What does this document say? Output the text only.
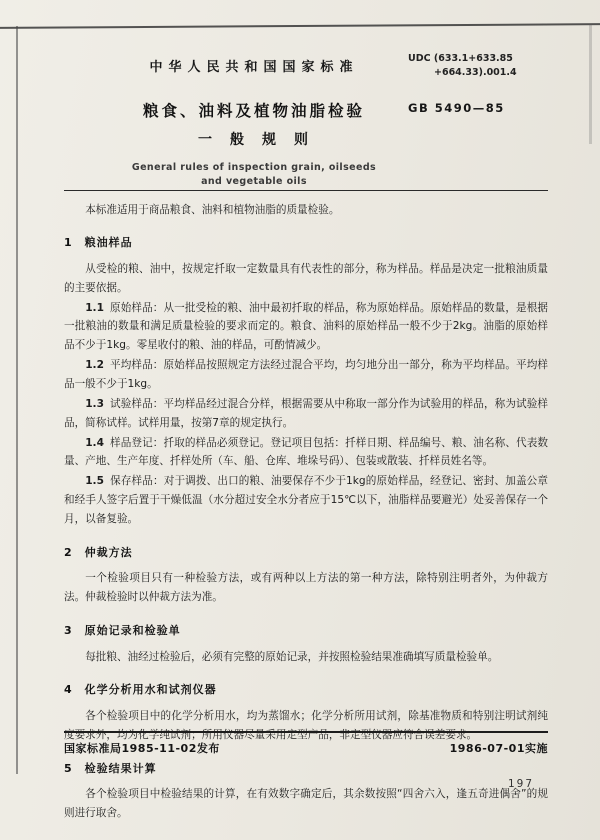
中华人民共和国国家标准
粮食、油料及植物油脂检验
一　般　规　则
General rules of inspection grain, oilseeds
and vegetable oils
UDC (633.1+633.85
+664.33).001.4
GB 5490—85

本标准适用于商品粮食、油料和植物油脂的质量检验。

1　粮油样品

从受检的粮、油中，按规定扦取一定数量具有代表性的部分，称为样品。样品是决定一批粮油质量的主要依据。

1.1 原始样品：从一批受检的粮、油中最初扦取的样品，称为原始样品。原始样品的数量，是根据一批粮油的数量和满足质量检验的要求而定的。粮食、油料的原始样品一般不少于2kg。油脂的原始样品不少于1kg。零星收付的粮、油的样品，可酌情减少。

1.2 平均样品：原始样品按照规定方法经过混合平均，均匀地分出一部分，称为平均样品。平均样品一般不少于1kg。

1.3 试验样品：平均样品经过混合分样，根据需要从中称取一部分作为试验用的样品，称为试验样品，简称试样。试样用量，按第7章的规定执行。

1.4 样品登记：扦取的样品必须登记。登记项目包括：扦样日期、样品编号、粮、油名称、代表数量、产地、生产年度、扦样处所（车、船、仓库、堆垛号码）、包装或散装、扦样员姓名等。

1.5 保存样品：对于调拨、出口的粮、油要保存不少于1kg的原始样品，经登记、密封、加盖公章和经手人签字后置于干燥低温（水分超过安全水分者应于15℃以下，油脂样品要避光）处妥善保存一个月，以备复验。

2　仲裁方法

一个检验项目只有一种检验方法，或有两种以上方法的第一种方法，除特别注明者外，为仲裁方法。仲裁检验时以仲裁方法为准。

3　原始记录和检验单

每批粮、油经过检验后，必须有完整的原始记录，并按照检验结果准确填写质量检验单。

4　化学分析用水和试剂仪器

各个检验项目中的化学分析用水，均为蒸馏水；化学分析所用试剂，除基准物质和特别注明试剂纯度要求外，均为化学纯试剂；所用仪器尽量采用定型产品，非定型仪器应符合误差要求。

5　检验结果计算

各个检验项目中检验结果的计算，在有效数字确定后，其余数按照“四舍六入，逢五奇进偶舍”的规则进行取舍。

国家标准局1985-11-02发布	1986-07-01实施
197
